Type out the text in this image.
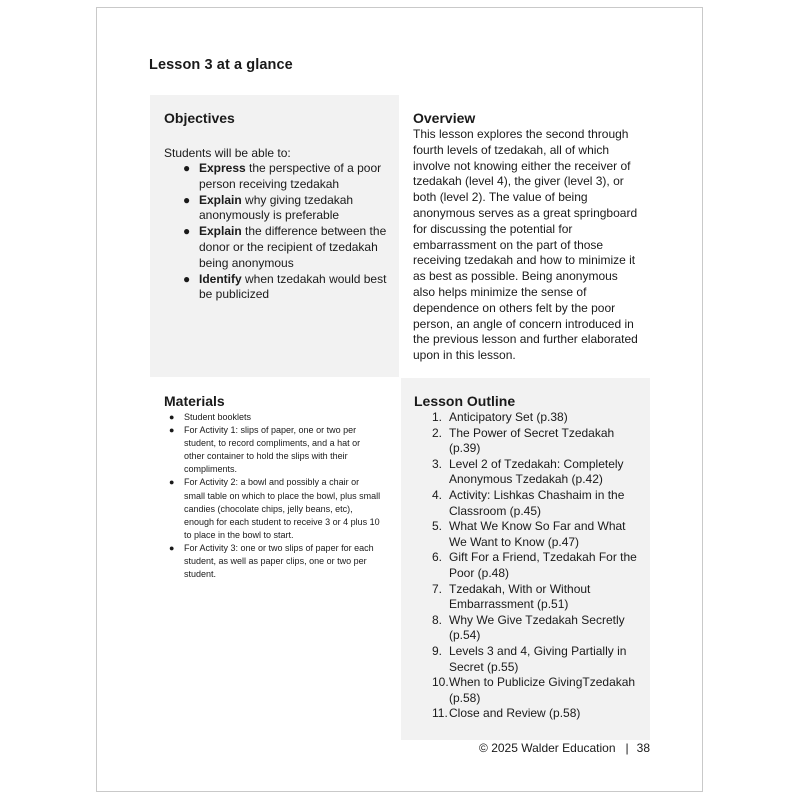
Lesson 3 at a glance
Objectives
Students will be able to:
● Express the perspective of a poor person receiving tzedakah
● Explain why giving tzedakah anonymously is preferable
● Explain the difference between the donor or the recipient of tzedakah being anonymous
● Identify when tzedakah would best be publicized
Overview
This lesson explores the second through fourth levels of tzedakah, all of which involve not knowing either the receiver of tzedakah (level 4), the giver (level 3), or both (level 2). The value of being anonymous serves as a great springboard for discussing the potential for embarrassment on the part of those receiving tzedakah and how to minimize it as best as possible. Being anonymous also helps minimize the sense of dependence on others felt by the poor person, an angle of concern introduced in the previous lesson and further elaborated upon in this lesson.
Materials
● Student booklets
● For Activity 1: slips of paper, one or two per student, to record compliments, and a hat or other container to hold the slips with their compliments.
● For Activity 2: a bowl and possibly a chair or small table on which to place the bowl, plus small candies (chocolate chips, jelly beans, etc), enough for each student to receive 3 or 4 plus 10 to place in the bowl to start.
● For Activity 3: one or two slips of paper for each student, as well as paper clips, one or two per student.
Lesson Outline
1. Anticipatory Set (p.38)
2. The Power of Secret Tzedakah (p.39)
3. Level 2 of Tzedakah: Completely Anonymous Tzedakah (p.42)
4. Activity: Lishkas Chashaim in the Classroom (p.45)
5. What We Know So Far and What We Want to Know (p.47)
6. Gift For a Friend, Tzedakah For the Poor (p.48)
7. Tzedakah, With or Without Embarrassment (p.51)
8. Why We Give Tzedakah Secretly (p.54)
9. Levels 3 and 4, Giving Partially in Secret (p.55)
10. When to Publicize GivingTzedakah (p.58)
11. Close and Review (p.58)
© 2025 Walder Education | 38
